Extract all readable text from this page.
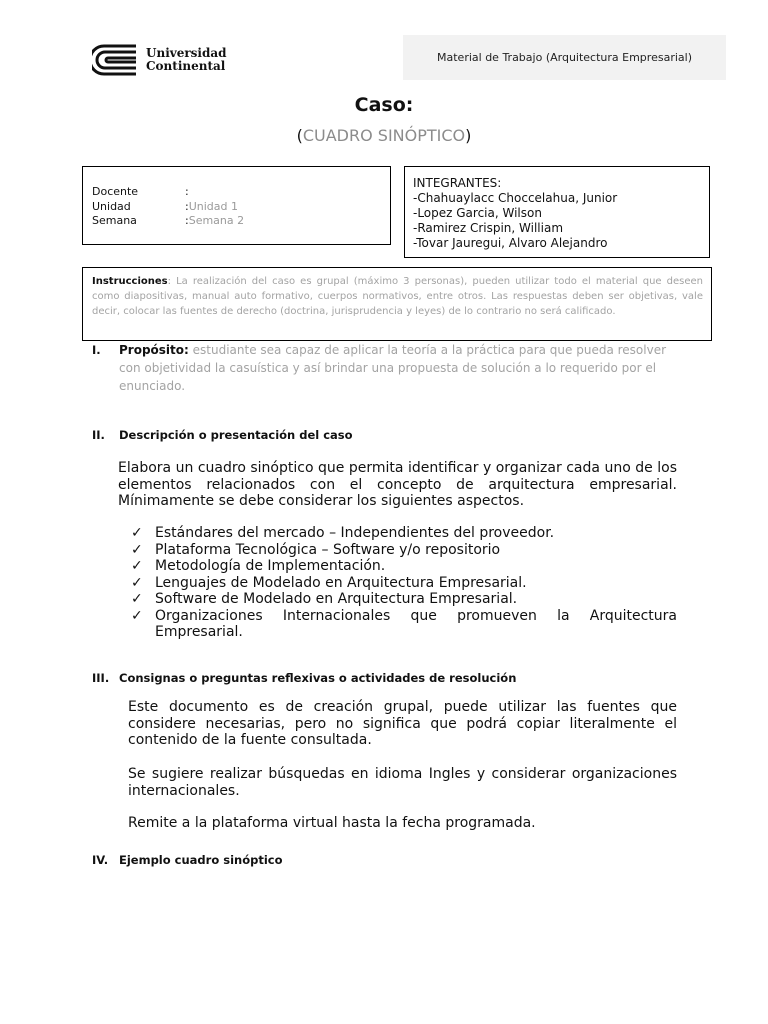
Universidad
Continental
Material de Trabajo (Arquitectura Empresarial)
Caso:
(CUADRO SINÓPTICO)
Docente	:
Unidad	: Unidad 1
Semana	: Semana 2
INTEGRANTES:
-Chahuaylacc Choccelahua, Junior
-Lopez Garcia, Wilson
-Ramirez Crispin, William
-Tovar Jauregui, Alvaro Alejandro
Instrucciones: La realización del caso es grupal (máximo 3 personas), pueden utilizar todo el material que deseen como diapositivas, manual auto formativo, cuerpos normativos, entre otros. Las respuestas deben ser objetivas, vale decir, colocar las fuentes de derecho (doctrina, jurisprudencia y leyes) de lo contrario no será calificado.
I. Propósito: estudiante sea capaz de aplicar la teoría a la práctica para que pueda resolver con objetividad la casuística y así brindar una propuesta de solución a lo requerido por el enunciado.
II.	Descripción o presentación del caso
Elabora un cuadro sinóptico que permita identificar y organizar cada uno de los elementos relacionados con el concepto de arquitectura empresarial. Mínimamente se debe considerar los siguientes aspectos.
✓ Estándares del mercado – Independientes del proveedor.
✓ Plataforma Tecnológica – Software y/o repositorio
✓ Metodología de Implementación.
✓ Lenguajes de Modelado en Arquitectura Empresarial.
✓ Software de Modelado en Arquitectura Empresarial.
✓ Organizaciones Internacionales que promueven la Arquitectura Empresarial.
III. Consignas o preguntas reflexivas o actividades de resolución
Este documento es de creación grupal, puede utilizar las fuentes que considere necesarias, pero no significa que podrá copiar literalmente el contenido de la fuente consultada.
Se sugiere realizar búsquedas en idioma Ingles y considerar organizaciones internacionales.
Remite a la plataforma virtual hasta la fecha programada.
IV. Ejemplo cuadro sinóptico
